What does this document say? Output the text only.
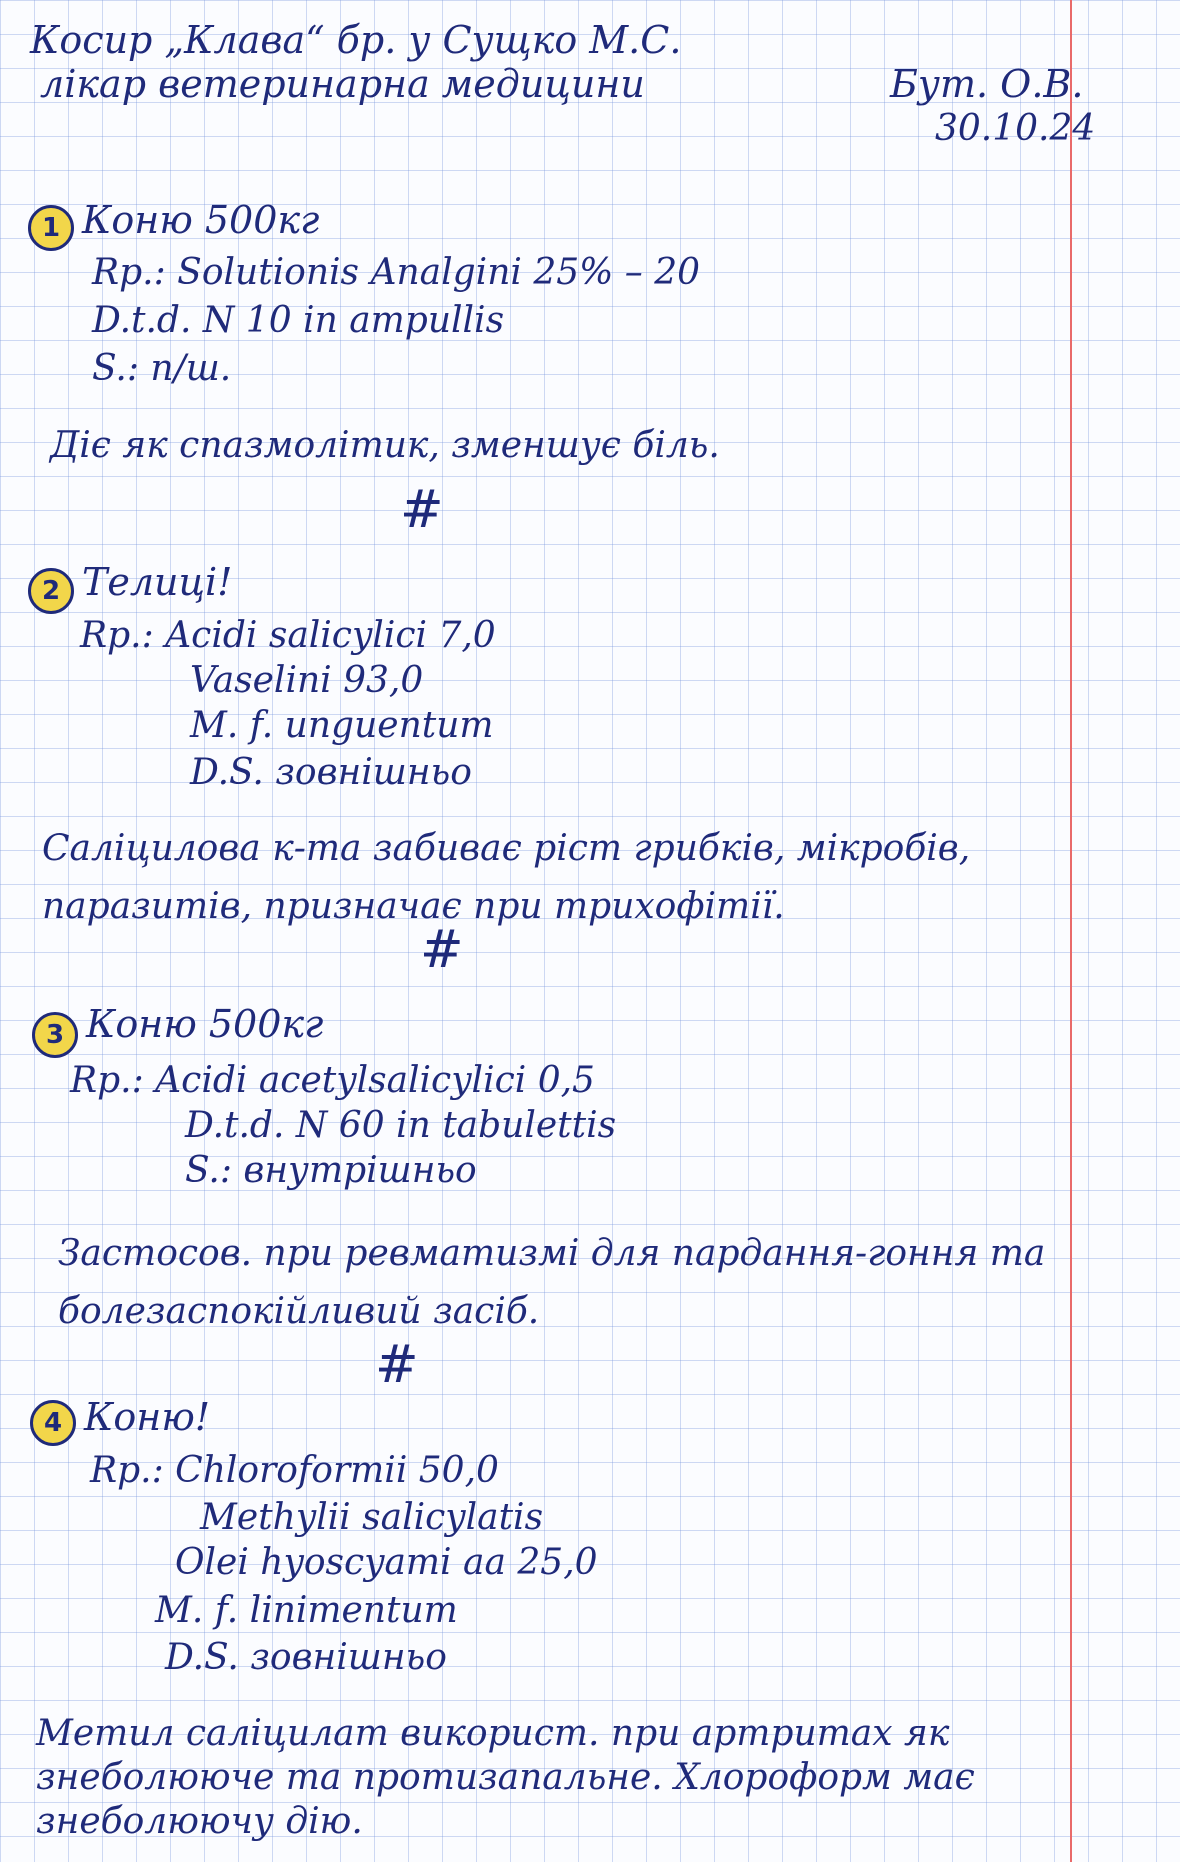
Косир „Клава“ бр. у Сущко М.С.
лікар ветеринарна медицини	Бут. О.В.
30.10.24
1 Коню 500кг
Rp.: Solutionis Analgini 25% – 20
D.t.d. N 10 in ampullis
S.: п/ш.
Діє як спазмолітик, зменшує біль.
#
2 Телиці!
Rp.: Acidi salicylici 7,0
Vaselini 93,0
M. f. unguentum
D.S. зовнішньо
Саліцилова к-та забиває ріст грибків, мікробів, паразитів, призначає при трихофітії.
#
3 Коню 500кг
Rp.: Acidi acetylsalicylici 0,5
D.t.d. N 60 in tabulettis
S.: внутрішньо
Застосов. при ревматизмі для пардання-гоння та болезаспокійливий засіб.
#
4 Коню!
Rp.: Chloroformii 50,0
Methylii salicylatis
Olei hyoscyami aa 25,0
M. f. linimentum
D.S. зовнішньо
Метил саліцилат використ. при артритах як знеболююче та протизапальне. Хлороформ має знеболюючу дію.
